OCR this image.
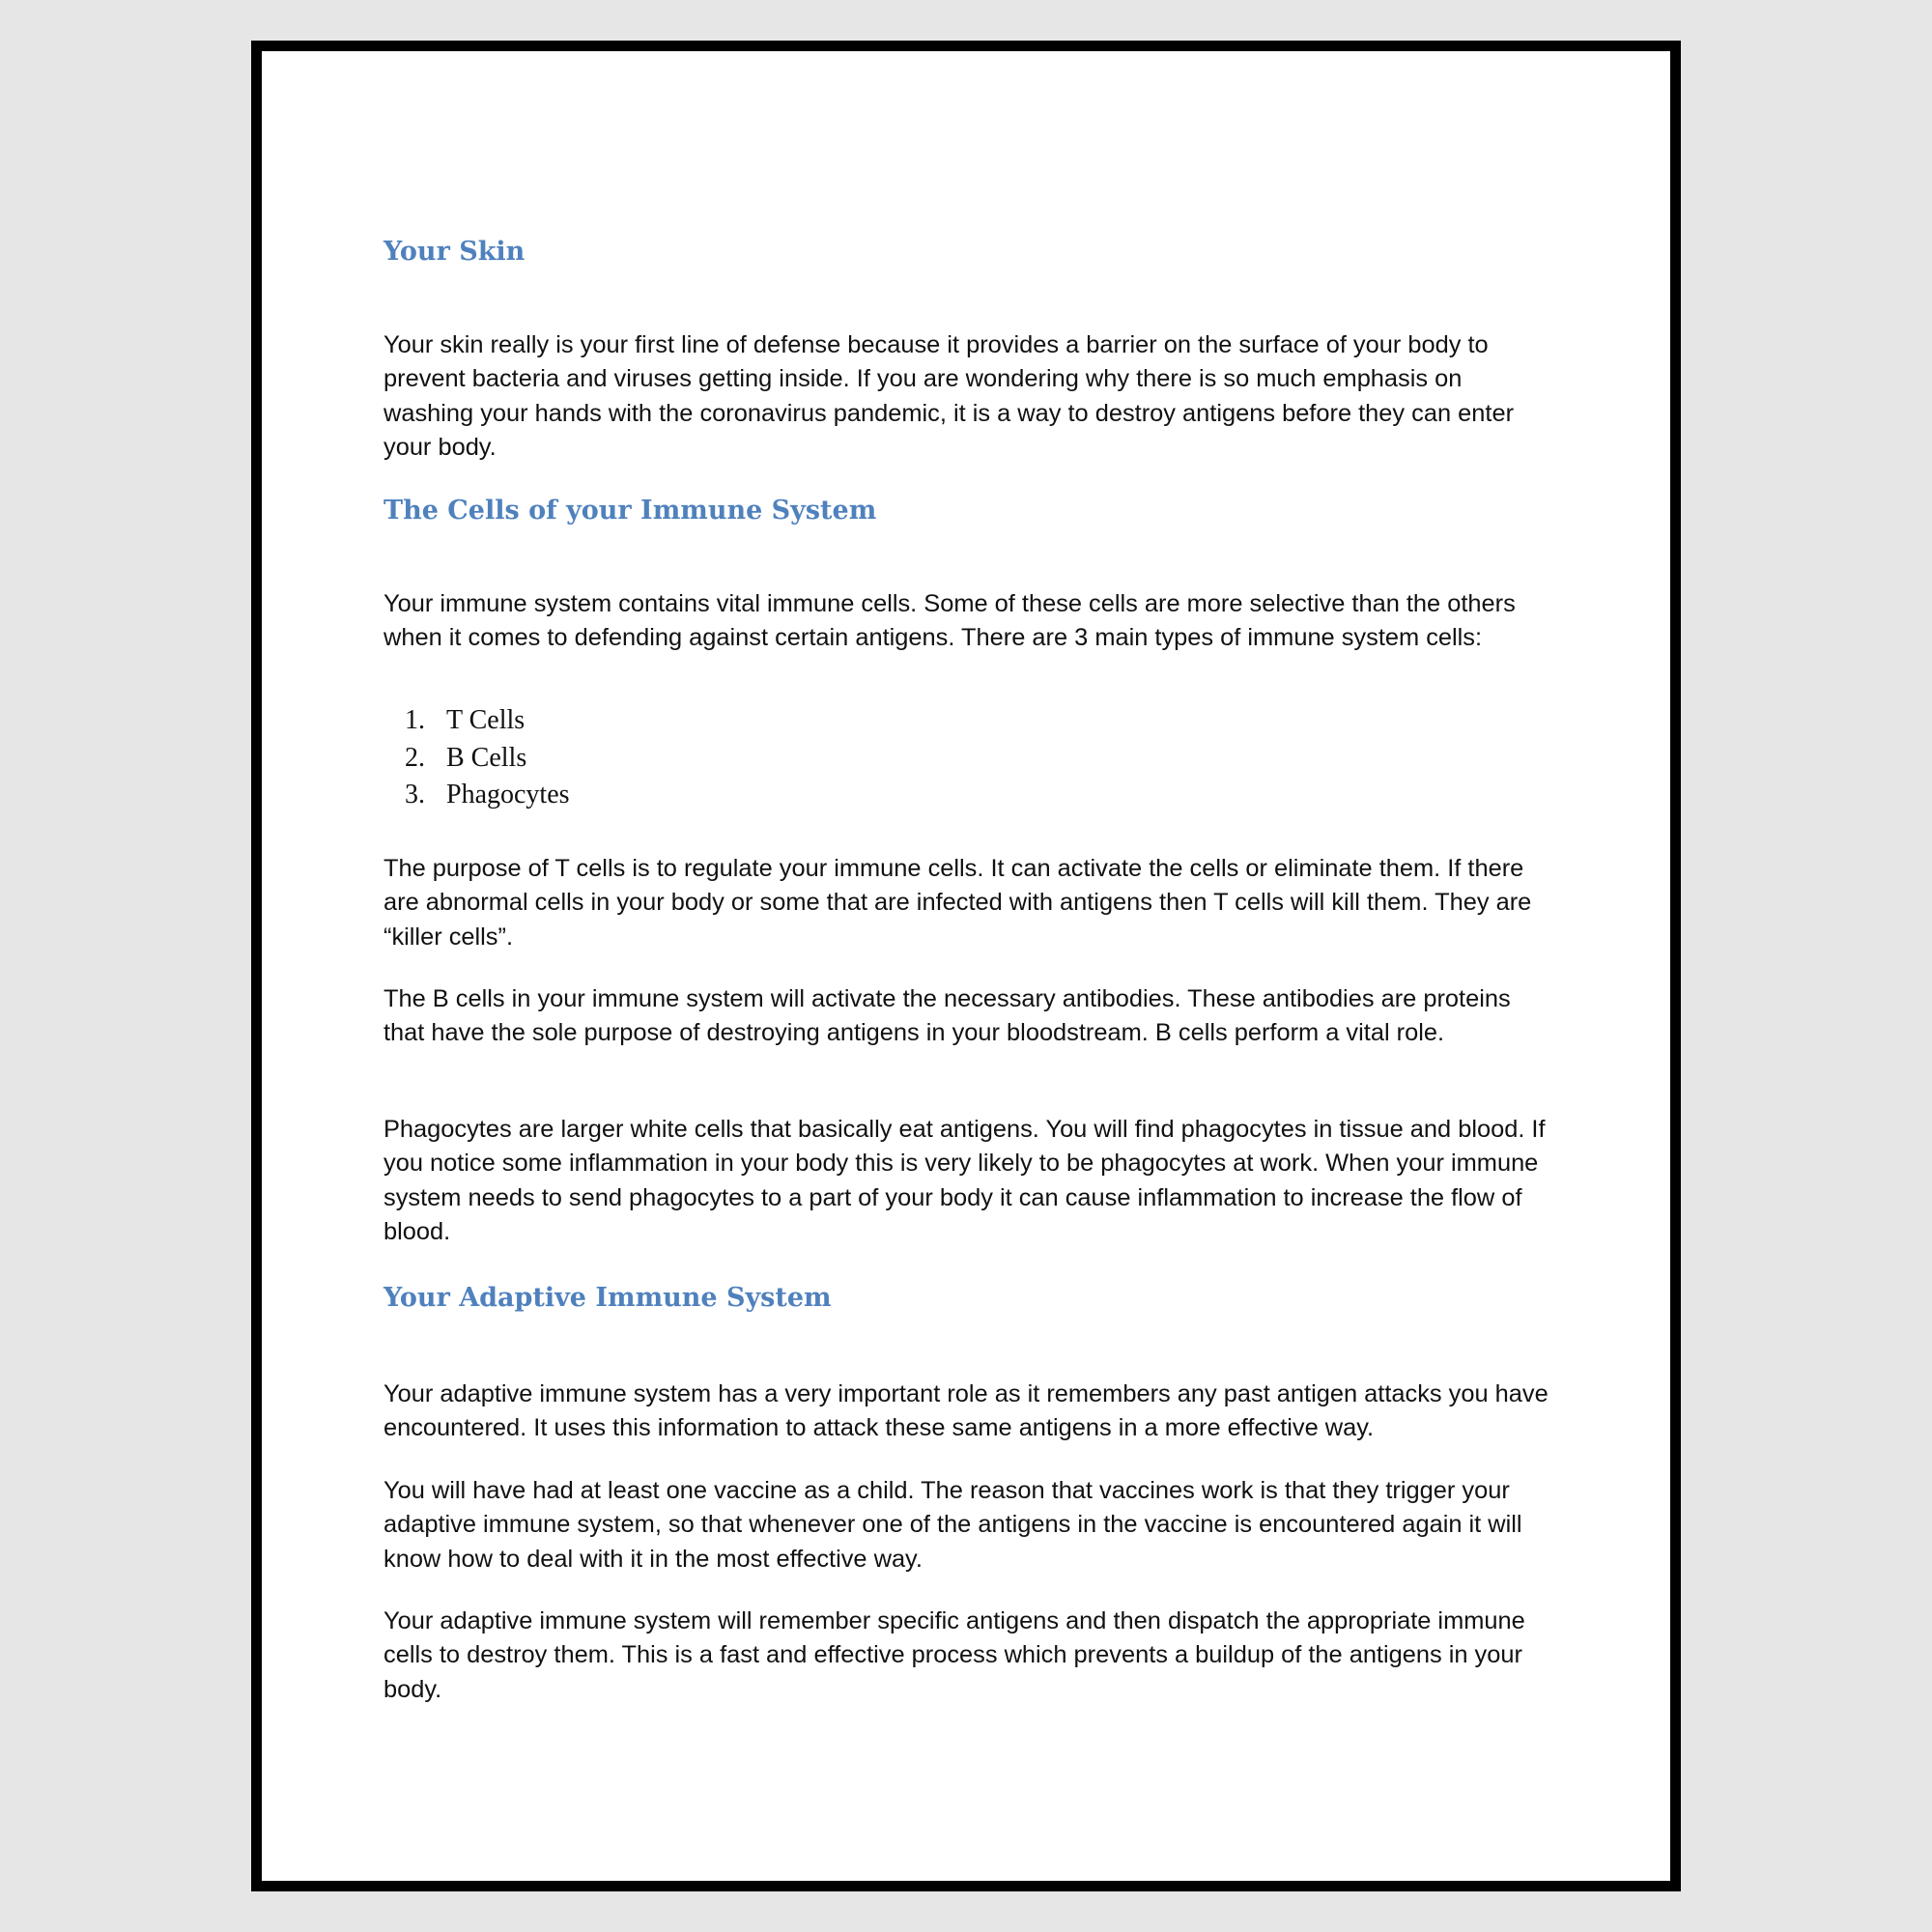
Your Skin

Your skin really is your first line of defense because it provides a barrier on the surface of your body to prevent bacteria and viruses getting inside. If you are wondering why there is so much emphasis on washing your hands with the coronavirus pandemic, it is a way to destroy antigens before they can enter your body.

The Cells of your Immune System

Your immune system contains vital immune cells. Some of these cells are more selective than the others when it comes to defending against certain antigens. There are 3 main types of immune system cells:

1. T Cells
2. B Cells
3. Phagocytes

The purpose of T cells is to regulate your immune cells. It can activate the cells or eliminate them. If there are abnormal cells in your body or some that are infected with antigens then T cells will kill them. They are “killer cells”.

The B cells in your immune system will activate the necessary antibodies. These antibodies are proteins that have the sole purpose of destroying antigens in your bloodstream. B cells perform a vital role.

Phagocytes are larger white cells that basically eat antigens. You will find phagocytes in tissue and blood. If you notice some inflammation in your body this is very likely to be phagocytes at work. When your immune system needs to send phagocytes to a part of your body it can cause inflammation to increase the flow of blood.

Your Adaptive Immune System

Your adaptive immune system has a very important role as it remembers any past antigen attacks you have encountered. It uses this information to attack these same antigens in a more effective way.

You will have had at least one vaccine as a child. The reason that vaccines work is that they trigger your adaptive immune system, so that whenever one of the antigens in the vaccine is encountered again it will know how to deal with it in the most effective way.

Your adaptive immune system will remember specific antigens and then dispatch the appropriate immune cells to destroy them. This is a fast and effective process which prevents a buildup of the antigens in your body.
